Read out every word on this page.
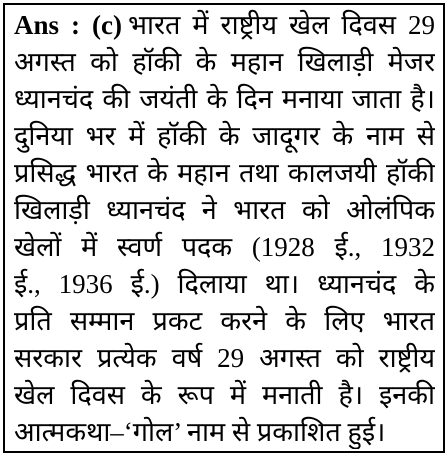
Ans : (c) भारत में राष्ट्रीय खेल दिवस 29
अगस्त को हॉकी के महान खिलाड़ी मेजर
ध्यानचंद की जयंती के दिन मनाया जाता है।
दुनिया भर में हॉकी के जादूगर के नाम से
प्रसिद्ध भारत के महान तथा कालजयी हॉकी
खिलाड़ी ध्यानचंद ने भारत को ओलंपिक
खेलों में स्वर्ण पदक (1928 ई., 1932
ई., 1936 ई.) दिलाया था। ध्यानचंद के
प्रति सम्मान प्रकट करने के लिए भारत
सरकार प्रत्येक वर्ष 29 अगस्त को राष्ट्रीय
खेल दिवस के रूप में मनाती है। इनकी
आत्मकथा–‘गोल’ नाम से प्रकाशित हुई।
